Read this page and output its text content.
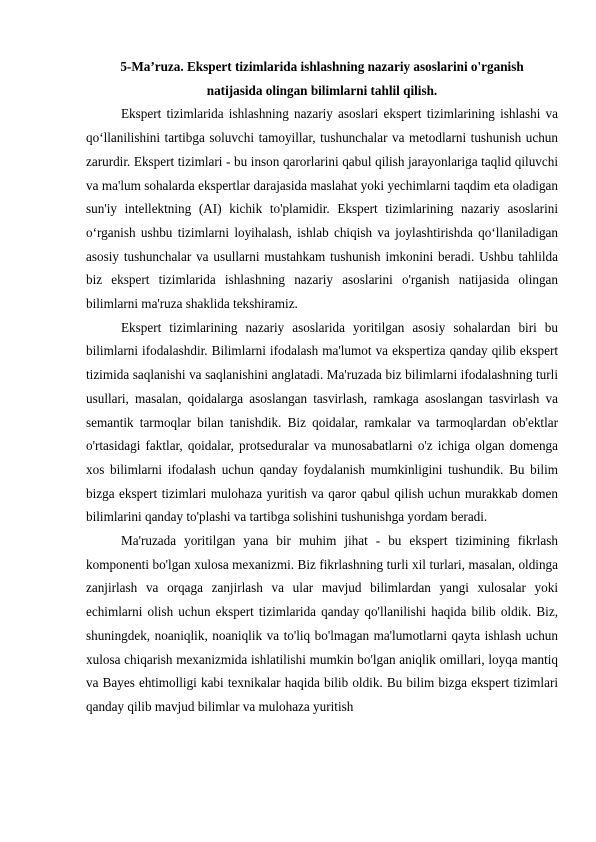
5-Ma’ruza. Ekspert tizimlarida ishlashning nazariy asoslarini o'rganish
natijasida olingan bilimlarni tahlil qilish.

Ekspert tizimlarida ishlashning nazariy asoslari ekspert tizimlarining ishlashi va qo‘llanilishini tartibga soluvchi tamoyillar, tushunchalar va metodlarni tushunish uchun zarurdir. Ekspert tizimlari - bu inson qarorlarini qabul qilish jarayonlariga taqlid qiluvchi va ma'lum sohalarda ekspertlar darajasida maslahat yoki yechimlarni taqdim eta oladigan sun'iy intellektning (AI) kichik to'plamidir. Ekspert tizimlarining nazariy asoslarini o‘rganish ushbu tizimlarni loyihalash, ishlab chiqish va joylashtirishda qo‘llaniladigan asosiy tushunchalar va usullarni mustahkam tushunish imkonini beradi. Ushbu tahlilda biz ekspert tizimlarida ishlashning nazariy asoslarini o'rganish natijasida olingan bilimlarni ma'ruza shaklida tekshiramiz.

Ekspert tizimlarining nazariy asoslarida yoritilgan asosiy sohalardan biri bu bilimlarni ifodalashdir. Bilimlarni ifodalash ma'lumot va ekspertiza qanday qilib ekspert tizimida saqlanishi va saqlanishini anglatadi. Ma'ruzada biz bilimlarni ifodalashning turli usullari, masalan, qoidalarga asoslangan tasvirlash, ramkaga asoslangan tasvirlash va semantik tarmoqlar bilan tanishdik. Biz qoidalar, ramkalar va tarmoqlardan ob'ektlar o'rtasidagi faktlar, qoidalar, protseduralar va munosabatlarni o'z ichiga olgan domenga xos bilimlarni ifodalash uchun qanday foydalanish mumkinligini tushundik. Bu bilim bizga ekspert tizimlari mulohaza yuritish va qaror qabul qilish uchun murakkab domen bilimlarini qanday to'plashi va tartibga solishini tushunishga yordam beradi.

Ma'ruzada yoritilgan yana bir muhim jihat - bu ekspert tizimining fikrlash komponenti bo'lgan xulosa mexanizmi. Biz fikrlashning turli xil turlari, masalan, oldinga zanjirlash va orqaga zanjirlash va ular mavjud bilimlardan yangi xulosalar yoki echimlarni olish uchun ekspert tizimlarida qanday qo'llanilishi haqida bilib oldik. Biz, shuningdek, noaniqlik, noaniqlik va to'liq bo'lmagan ma'lumotlarni qayta ishlash uchun xulosa chiqarish mexanizmida ishlatilishi mumkin bo'lgan aniqlik omillari, loyqa mantiq va Bayes ehtimolligi kabi texnikalar haqida bilib oldik. Bu bilim bizga ekspert tizimlari qanday qilib mavjud bilimlar va mulohaza yuritish
